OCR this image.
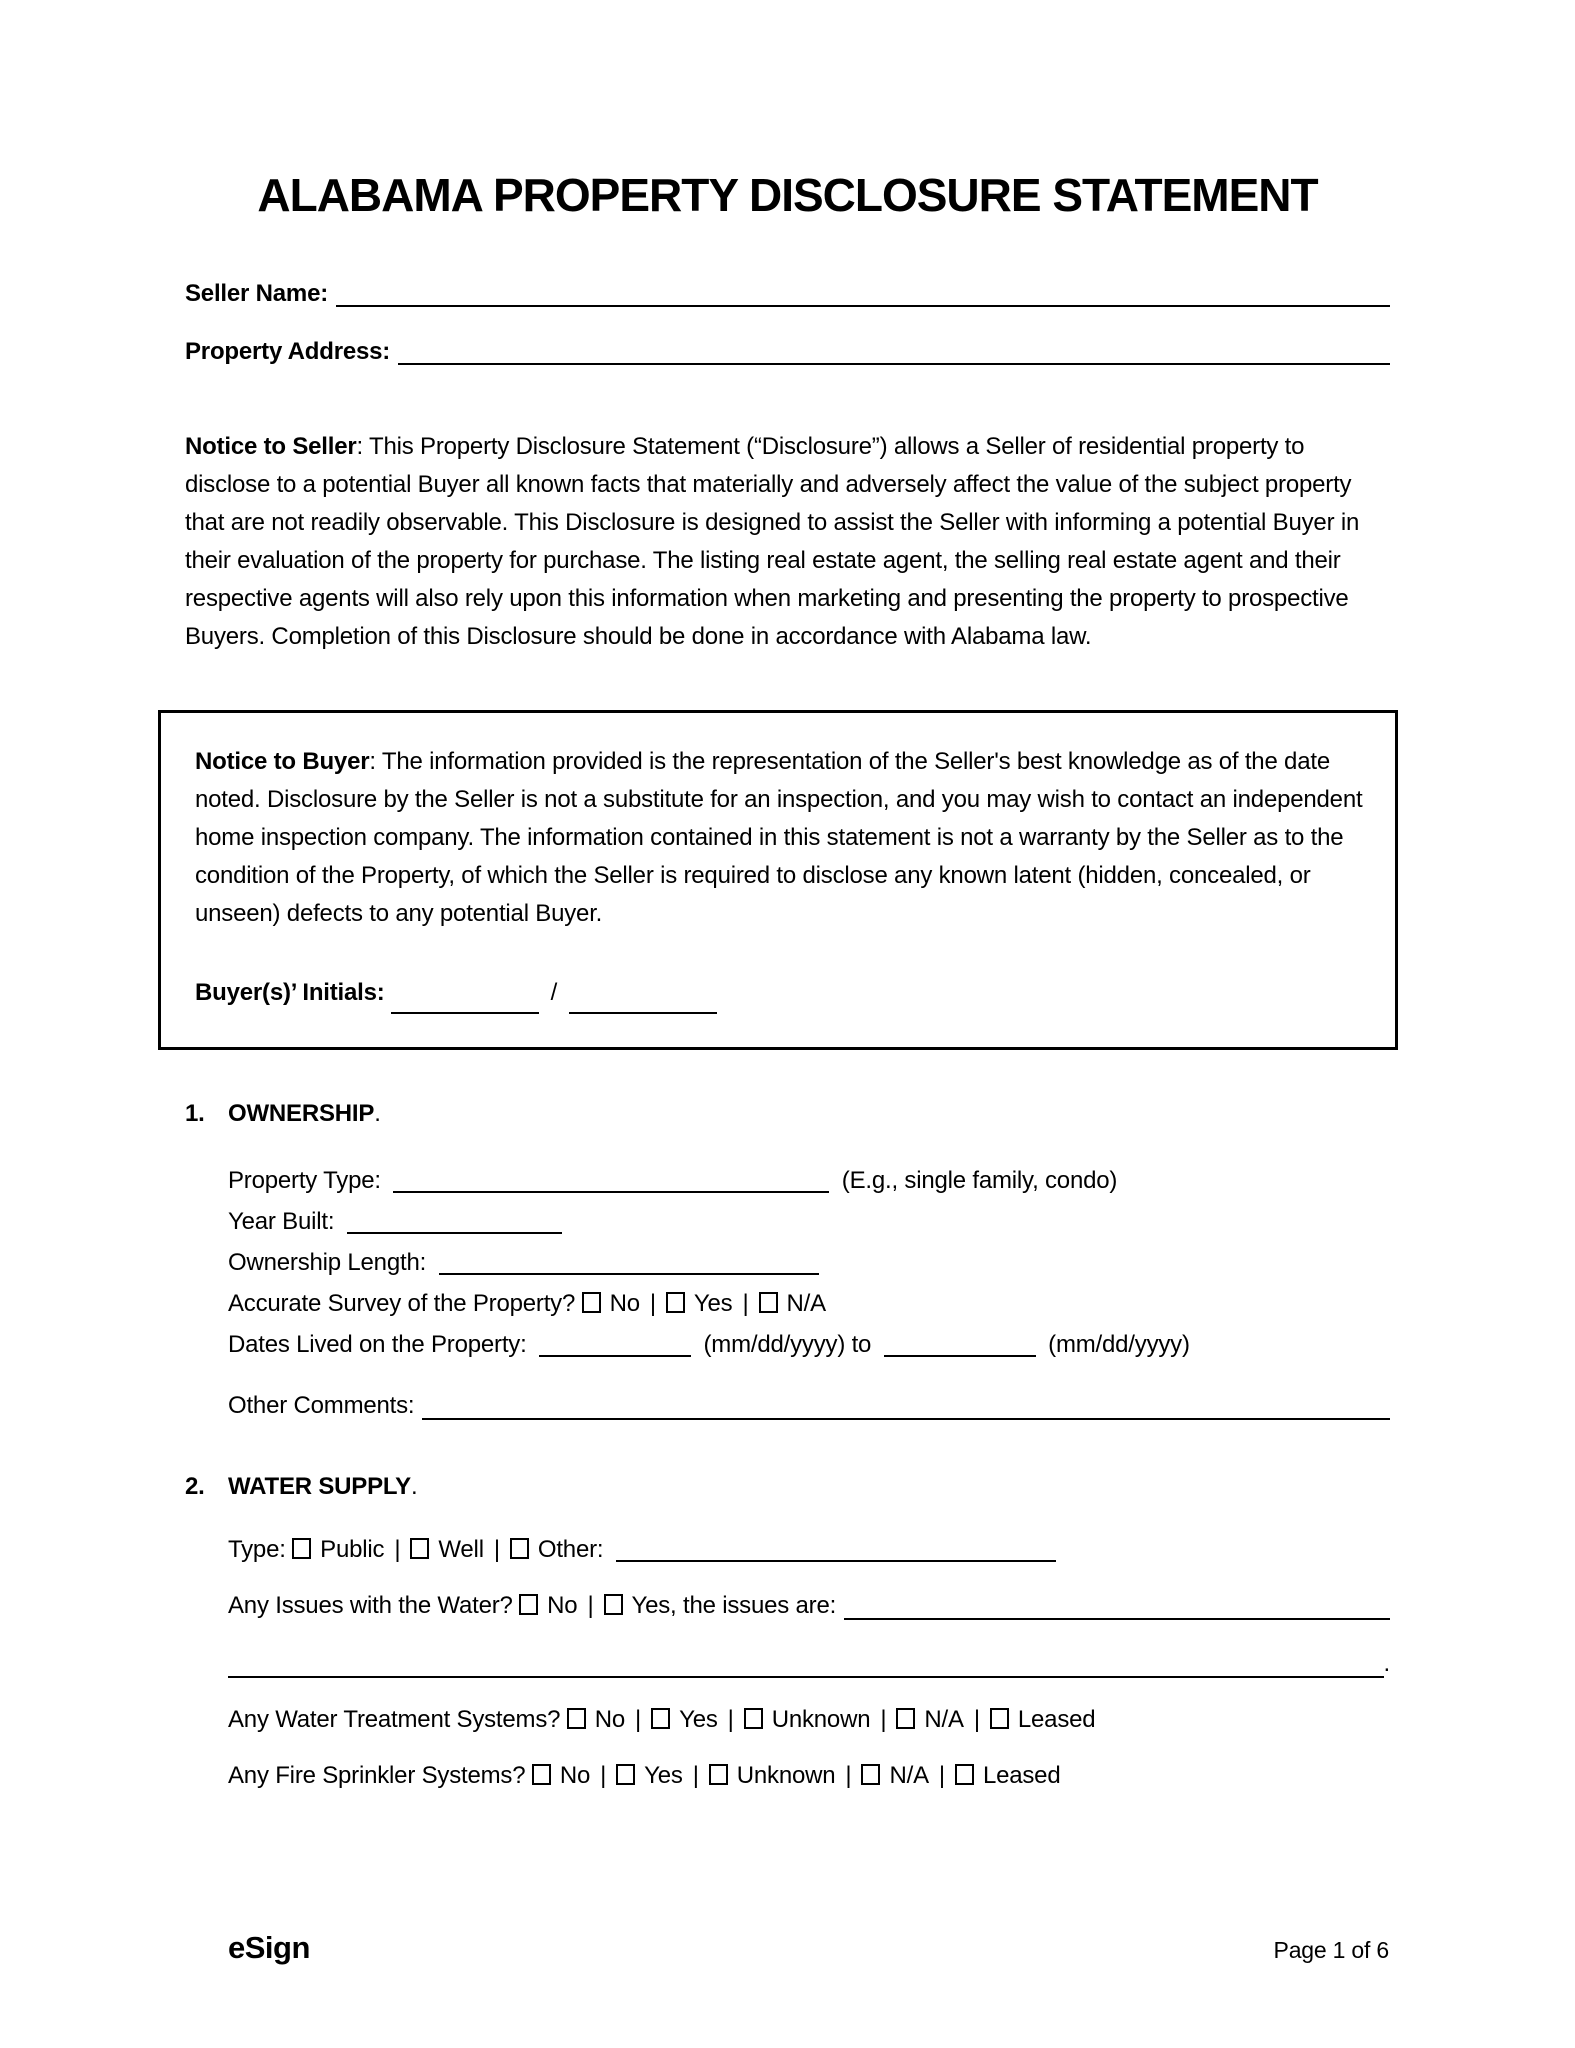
ALABAMA PROPERTY DISCLOSURE STATEMENT
Seller Name:
Property Address:
Notice to Seller: This Property Disclosure Statement (“Disclosure”) allows a Seller of residential property to disclose to a potential Buyer all known facts that materially and adversely affect the value of the subject property that are not readily observable. This Disclosure is designed to assist the Seller with informing a potential Buyer in their evaluation of the property for purchase. The listing real estate agent, the selling real estate agent and their respective agents will also rely upon this information when marketing and presenting the property to prospective Buyers. Completion of this Disclosure should be done in accordance with Alabama law.
Notice to Buyer: The information provided is the representation of the Seller's best knowledge as of the date noted. Disclosure by the Seller is not a substitute for an inspection, and you may wish to contact an independent home inspection company. The information contained in this statement is not a warranty by the Seller as to the condition of the Property, of which the Seller is required to disclose any known latent (hidden, concealed, or unseen) defects to any potential Buyer.
Buyer(s)’ Initials:	/
1. OWNERSHIP.
Property Type:	(E.g., single family, condo)
Year Built:
Ownership Length:
Accurate Survey of the Property? No | Yes | N/A
Dates Lived on the Property:	(mm/dd/yyyy) to	(mm/dd/yyyy)
Other Comments:
2. WATER SUPPLY.
Type: Public | Well | Other:
Any Issues with the Water? No | Yes, the issues are:
.
Any Water Treatment Systems? No | Yes | Unknown | N/A | Leased
Any Fire Sprinkler Systems? No | Yes | Unknown | N/A | Leased
eSign	Page 1 of 6
